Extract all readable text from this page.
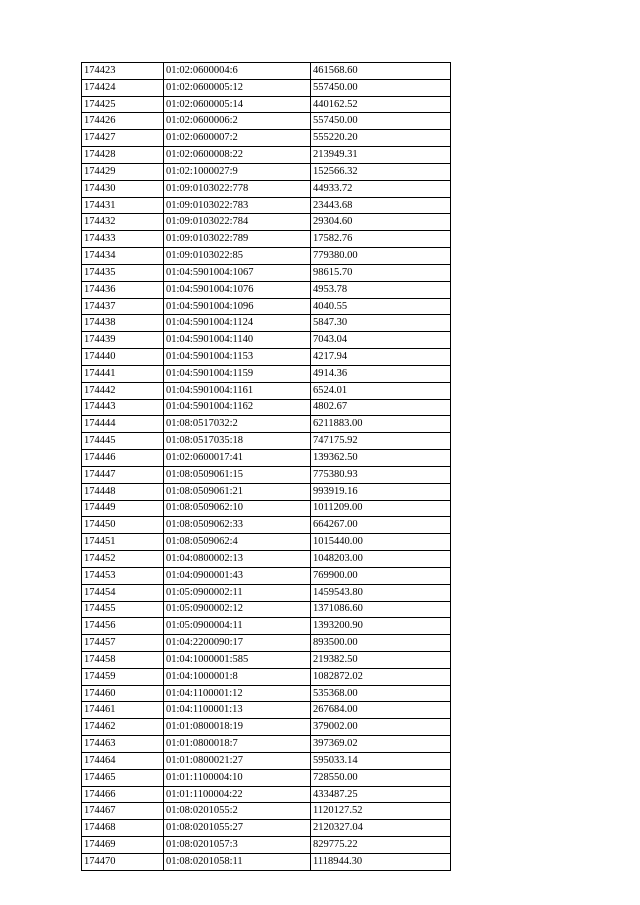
174423	01:02:0600004:6	461568.60
174424	01:02:0600005:12	557450.00
174425	01:02:0600005:14	440162.52
174426	01:02:0600006:2	557450.00
174427	01:02:0600007:2	555220.20
174428	01:02:0600008:22	213949.31
174429	01:02:1000027:9	152566.32
174430	01:09:0103022:778	44933.72
174431	01:09:0103022:783	23443.68
174432	01:09:0103022:784	29304.60
174433	01:09:0103022:789	17582.76
174434	01:09:0103022:85	779380.00
174435	01:04:5901004:1067	98615.70
174436	01:04:5901004:1076	4953.78
174437	01:04:5901004:1096	4040.55
174438	01:04:5901004:1124	5847.30
174439	01:04:5901004:1140	7043.04
174440	01:04:5901004:1153	4217.94
174441	01:04:5901004:1159	4914.36
174442	01:04:5901004:1161	6524.01
174443	01:04:5901004:1162	4802.67
174444	01:08:0517032:2	6211883.00
174445	01:08:0517035:18	747175.92
174446	01:02:0600017:41	139362.50
174447	01:08:0509061:15	775380.93
174448	01:08:0509061:21	993919.16
174449	01:08:0509062:10	1011209.00
174450	01:08:0509062:33	664267.00
174451	01:08:0509062:4	1015440.00
174452	01:04:0800002:13	1048203.00
174453	01:04:0900001:43	769900.00
174454	01:05:0900002:11	1459543.80
174455	01:05:0900002:12	1371086.60
174456	01:05:0900004:11	1393200.90
174457	01:04:2200090:17	893500.00
174458	01:04:1000001:585	219382.50
174459	01:04:1000001:8	1082872.02
174460	01:04:1100001:12	535368.00
174461	01:04:1100001:13	267684.00
174462	01:01:0800018:19	379002.00
174463	01:01:0800018:7	397369.02
174464	01:01:0800021:27	595033.14
174465	01:01:1100004:10	728550.00
174466	01:01:1100004:22	433487.25
174467	01:08:0201055:2	1120127.52
174468	01:08:0201055:27	2120327.04
174469	01:08:0201057:3	829775.22
174470	01:08:0201058:11	1118944.30
